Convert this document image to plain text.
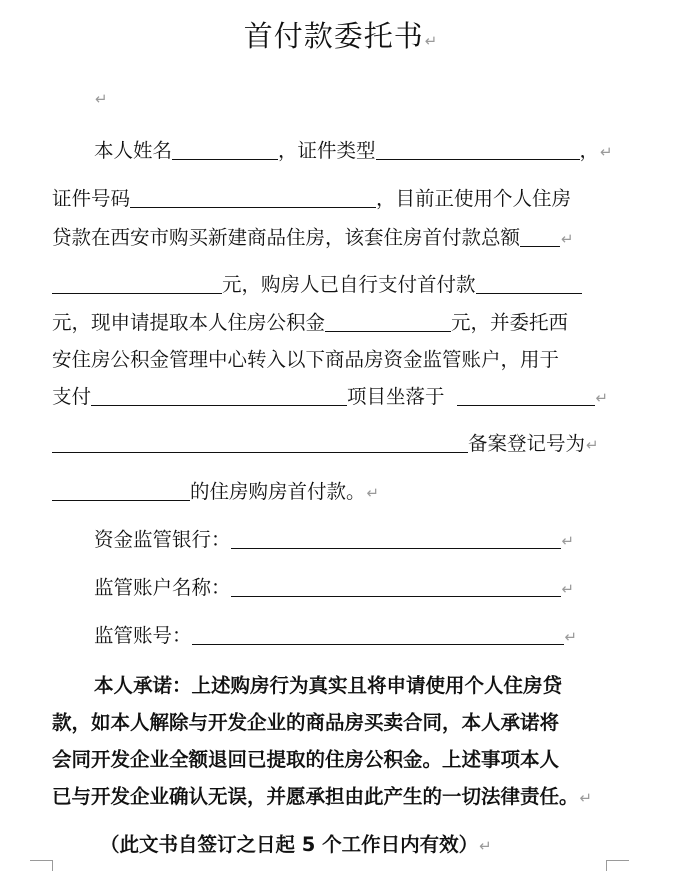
首付款委托书↵
↵
本人姓名	，证件类型	，↵
证件号码	，目前正使用个人住房
贷款在西安市购买新建商品住房，该套住房首付款总额	↵
元，购房人已自行支付首付款
元，现申请提取本人住房公积金	元，并委托西
安住房公积金管理中心转入以下商品房资金监管账户，用于
支付	项目坐落于	↵
备案登记号为↵
的住房购房首付款。↵
资金监管银行：	↵
监管账户名称：	↵
监管账号：	↵
本人承诺：上述购房行为真实且将申请使用个人住房贷
款，如本人解除与开发企业的商品房买卖合同，本人承诺将
会同开发企业全额退回已提取的住房公积金。上述事项本人
已与开发企业确认无误，并愿承担由此产生的一切法律责任。↵
（此文书自签订之日起 5 个工作日内有效）↵
